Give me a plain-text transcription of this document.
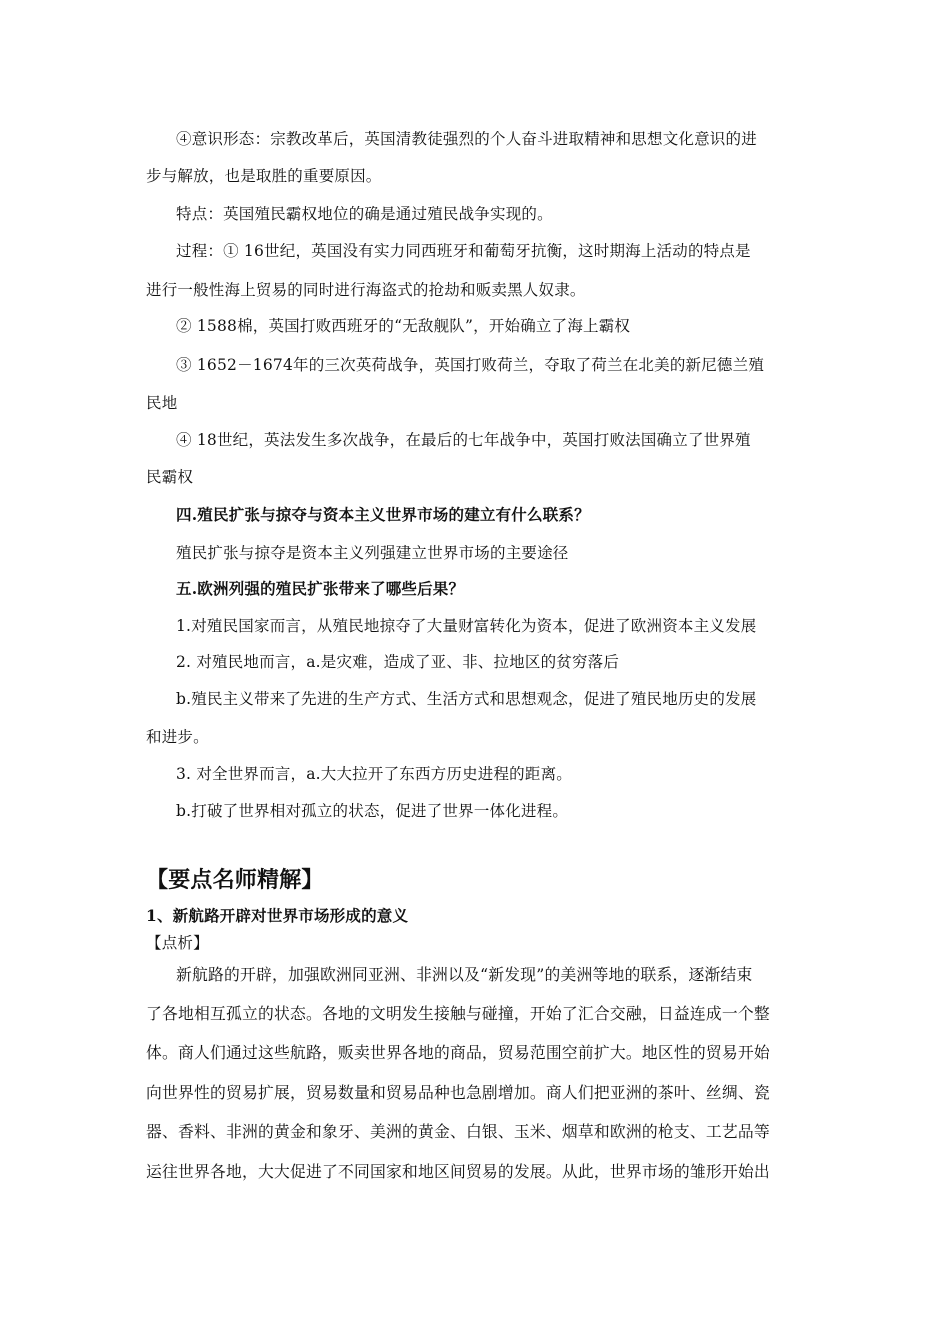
④意识形态：宗教改革后，英国清教徒强烈的个人奋斗进取精神和思想文化意识的进
步与解放，也是取胜的重要原因。
特点：英国殖民霸权地位的确是通过殖民战争实现的。
过程：① 16世纪，英国没有实力同西班牙和葡萄牙抗衡，这时期海上活动的特点是
进行一般性海上贸易的同时进行海盗式的抢劫和贩卖黑人奴隶。
② 1588棉，英国打败西班牙的“无敌舰队”，开始确立了海上霸权
③ 1652－1674年的三次英荷战争，英国打败荷兰，夺取了荷兰在北美的新尼德兰殖
民地
④ 18世纪，英法发生多次战争，在最后的七年战争中，英国打败法国确立了世界殖
民霸权
四.殖民扩张与掠夺与资本主义世界市场的建立有什么联系？
殖民扩张与掠夺是资本主义列强建立世界市场的主要途径
五.欧洲列强的殖民扩张带来了哪些后果？
1.对殖民国家而言，从殖民地掠夺了大量财富转化为资本，促进了欧洲资本主义发展
2. 对殖民地而言，a.是灾难，造成了亚、非、拉地区的贫穷落后
b.殖民主义带来了先进的生产方式、生活方式和思想观念，促进了殖民地历史的发展
和进步。
3. 对全世界而言，a.大大拉开了东西方历史进程的距离。
b.打破了世界相对孤立的状态，促进了世界一体化进程。
【要点名师精解】
1、新航路开辟对世界市场形成的意义
【点析】
新航路的开辟，加强欧洲同亚洲、非洲以及“新发现”的美洲等地的联系，逐渐结束
了各地相互孤立的状态。各地的文明发生接触与碰撞，开始了汇合交融，日益连成一个整
体。商人们通过这些航路，贩卖世界各地的商品，贸易范围空前扩大。地区性的贸易开始
向世界性的贸易扩展，贸易数量和贸易品种也急剧增加。商人们把亚洲的茶叶、丝绸、瓷
器、香料、非洲的黄金和象牙、美洲的黄金、白银、玉米、烟草和欧洲的枪支、工艺品等
运往世界各地，大大促进了不同国家和地区间贸易的发展。从此，世界市场的雏形开始出
